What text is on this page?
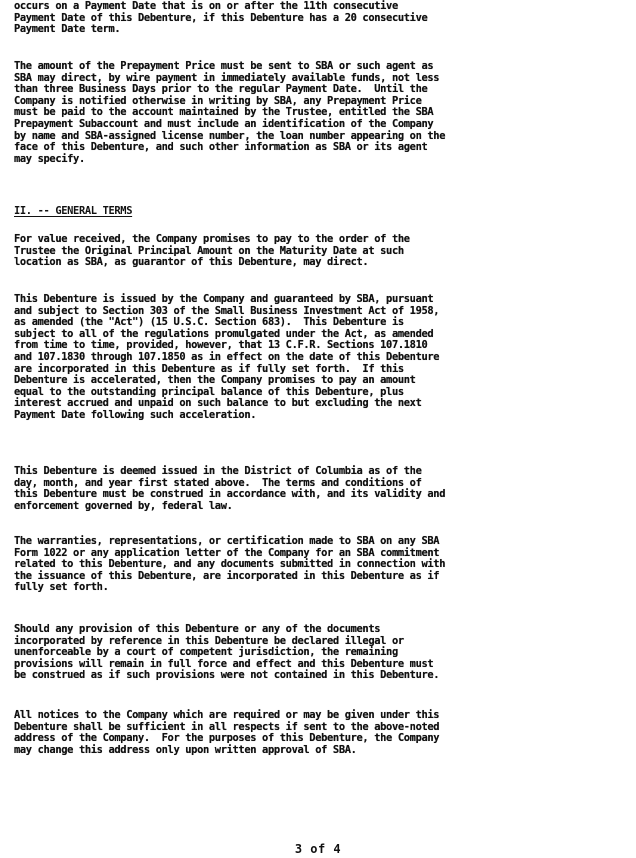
occurs on a Payment Date that is on or after the 11th consecutive
Payment Date of this Debenture, if this Debenture has a 20 consecutive
Payment Date term.

The amount of the Prepayment Price must be sent to SBA or such agent as
SBA may direct, by wire payment in immediately available funds, not less
than three Business Days prior to the regular Payment Date.  Until the
Company is notified otherwise in writing by SBA, any Prepayment Price
must be paid to the account maintained by the Trustee, entitled the SBA
Prepayment Subaccount and must include an identification of the Company
by name and SBA-assigned license number, the loan number appearing on the
face of this Debenture, and such other information as SBA or its agent
may specify.

II. -- GENERAL TERMS

For value received, the Company promises to pay to the order of the
Trustee the Original Principal Amount on the Maturity Date at such
location as SBA, as guarantor of this Debenture, may direct.

This Debenture is issued by the Company and guaranteed by SBA, pursuant
and subject to Section 303 of the Small Business Investment Act of 1958,
as amended (the "Act") (15 U.S.C. Section 683).  This Debenture is
subject to all of the regulations promulgated under the Act, as amended
from time to time, provided, however, that 13 C.F.R. Sections 107.1810
and 107.1830 through 107.1850 as in effect on the date of this Debenture
are incorporated in this Debenture as if fully set forth.  If this
Debenture is accelerated, then the Company promises to pay an amount
equal to the outstanding principal balance of this Debenture, plus
interest accrued and unpaid on such balance to but excluding the next
Payment Date following such acceleration.

This Debenture is deemed issued in the District of Columbia as of the
day, month, and year first stated above.  The terms and conditions of
this Debenture must be construed in accordance with, and its validity and
enforcement governed by, federal law.

The warranties, representations, or certification made to SBA on any SBA
Form 1022 or any application letter of the Company for an SBA commitment
related to this Debenture, and any documents submitted in connection with
the issuance of this Debenture, are incorporated in this Debenture as if
fully set forth.

Should any provision of this Debenture or any of the documents
incorporated by reference in this Debenture be declared illegal or
unenforceable by a court of competent jurisdiction, the remaining
provisions will remain in full force and effect and this Debenture must
be construed as if such provisions were not contained in this Debenture.

All notices to the Company which are required or may be given under this
Debenture shall be sufficient in all respects if sent to the above-noted
address of the Company.  For the purposes of this Debenture, the Company
may change this address only upon written approval of SBA.

3 of 4
